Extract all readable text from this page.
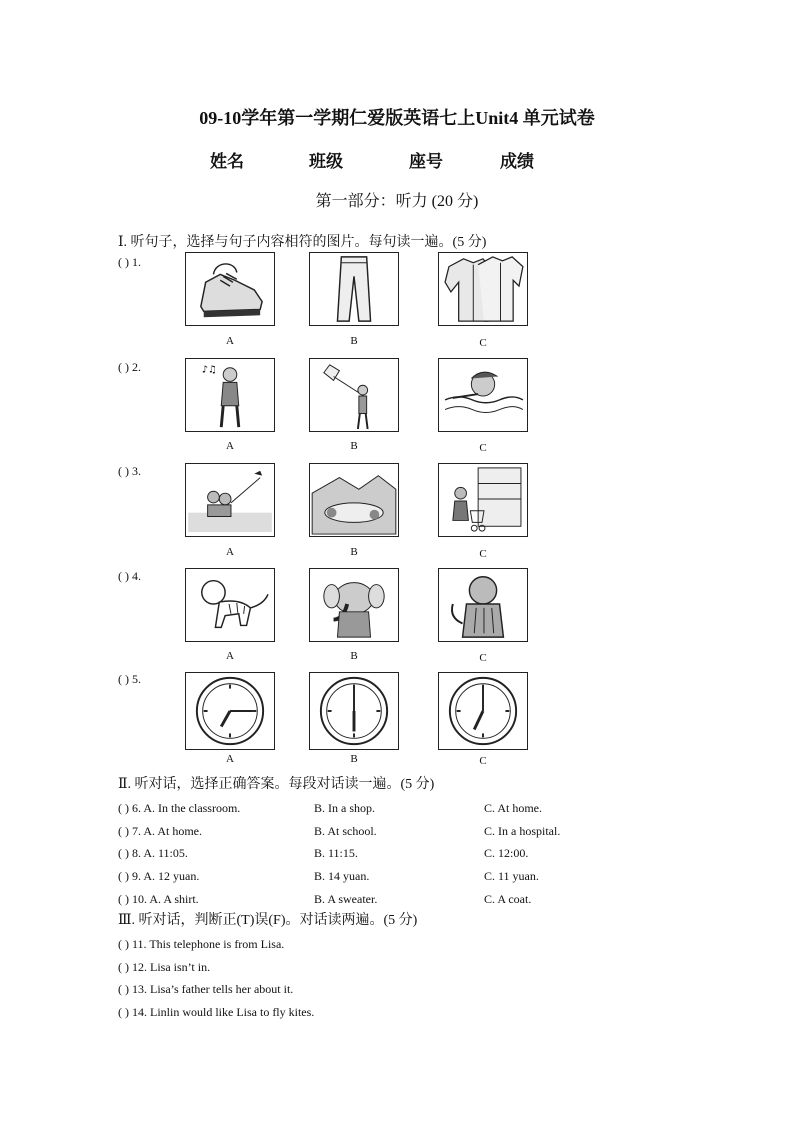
09-10学年第一学期仁爱版英语七上Unit4 单元试卷
姓名	班级	座号	成绩
第一部分：听力 (20 分)
Ⅰ. 听句子，选择与句子内容相符的图片。每句读一遍。(5 分)
( ) 1.
A	B	C
( ) 2.	♪♫
A	B	C
( ) 3.
A	B	C
( ) 4.
A	B	C
( ) 5.
A	B	C
Ⅱ. 听对话，选择正确答案。每段对话读一遍。(5 分)
( ) 6. A. In the classroom.	B. In a shop.	C. At home.
( ) 7. A. At home.	B. At school.	C. In a hospital.
( ) 8. A. 11:05.	B. 11:15.	C. 12:00.
( ) 9. A. 12 yuan.	B. 14 yuan.	C. 11 yuan.
( ) 10. A. A shirt.	B. A sweater.	C. A coat.
Ⅲ. 听对话，判断正(T)误(F)。对话读两遍。(5 分)
( ) 11. This telephone is from Lisa.
( ) 12. Lisa isn’t in.
( ) 13. Lisa’s father tells her about it.
( ) 14. Linlin would like Lisa to fly kites.
